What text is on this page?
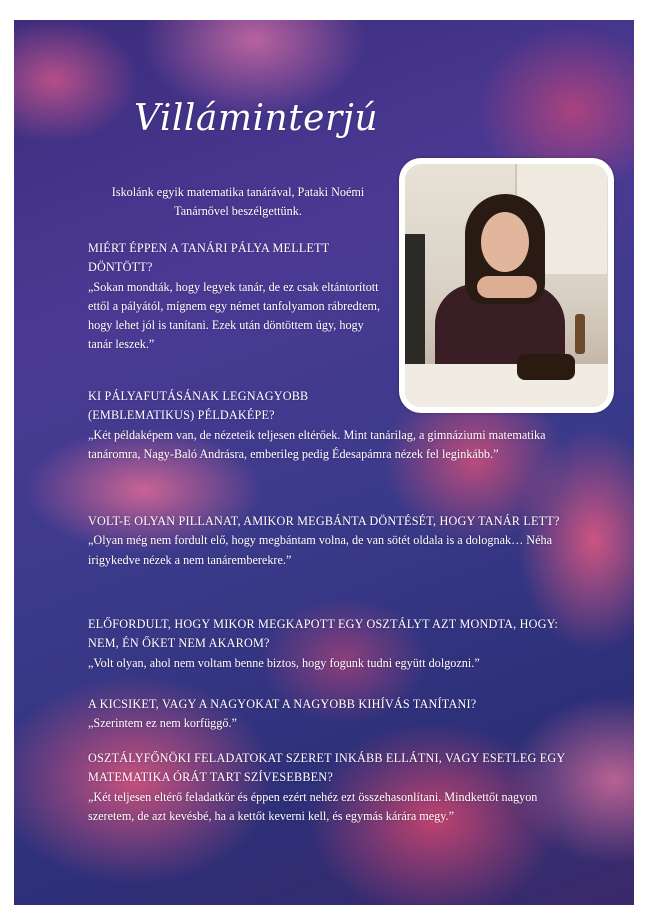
Villáminterjú
Iskolánk egyik matematika tanárával, Pataki Noémi Tanárnővel beszélgettünk.

MIÉRT ÉPPEN A TANÁRI PÁLYA MELLETT DÖNTÖTT?

„Sokan mondták, hogy legyek tanár, de ez csak eltántorított ettől a pályától, mígnem egy német tanfolyamon rábredtem, hogy lehet jól is tanítani. Ezek után döntöttem úgy, hogy tanár leszek.”

KI PÁLYAFUTÁSÁNAK LEGNAGYOBB (EMBLEMATIKUS) PÉLDAKÉPE?

„Két példaképem van, de nézeteik teljesen eltérőek. Mint tanárilag, a gimnáziumi matematika tanáromra, Nagy-Baló Andrásra, emberileg pedig Édesapámra nézek fel leginkább.”

VOLT-E OLYAN PILLANAT, AMIKOR MEGBÁNTA DÖNTÉSÉT, HOGY TANÁR LETT?

„Olyan még nem fordult elő, hogy megbántam volna, de van sötét oldala is a dolognak… Néha irigykedve nézek a nem tanáremberekre.”

ELŐFORDULT, HOGY MIKOR MEGKAPOTT EGY OSZTÁLYT AZT MONDTA, HOGY: NEM, ÉN ŐKET NEM AKAROM?

„Volt olyan, ahol nem voltam benne biztos, hogy fogunk tudni együtt dolgozni.”

A KICSIKET, VAGY A NAGYOKAT A NAGYOBB KIHÍVÁS TANÍTANI?

„Szerintem ez nem korfüggő.”

OSZTÁLYFŐNÖKI FELADATOKAT SZERET INKÁBB ELLÁTNI, VAGY ESETLEG EGY MATEMATIKA ÓRÁT TART SZÍVESEBBEN?

„Két teljesen eltérő feladatkör és éppen ezért nehéz ezt összehasonlítani. Mindkettőt nagyon szeretem, de azt kevésbé, ha a kettőt keverni kell, és egymás kárára megy.”
